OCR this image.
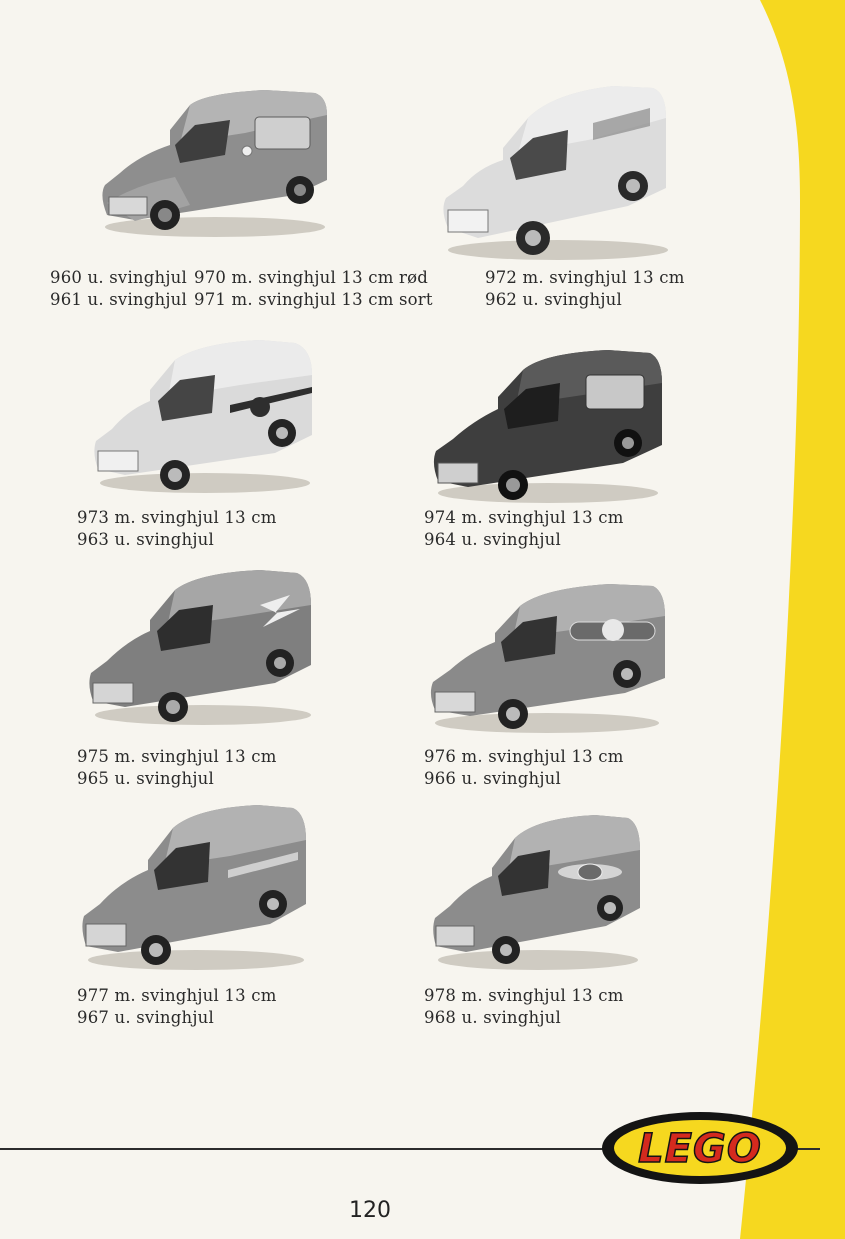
960 u. svinghjul
961 u. svinghjul
970 m. svinghjul 13 cm rød
971 m. svinghjul 13 cm sort
972 m. svinghjul 13 cm
962 u. svinghjul
973 m. svinghjul 13 cm
963 u. svinghjul
974 m. svinghjul 13 cm
964 u. svinghjul
975 m. svinghjul 13 cm
965 u. svinghjul
976 m. svinghjul 13 cm
966 u. svinghjul
977 m. svinghjul 13 cm
967 u. svinghjul
978 m. svinghjul 13 cm
968 u. svinghjul
LEGO
120
